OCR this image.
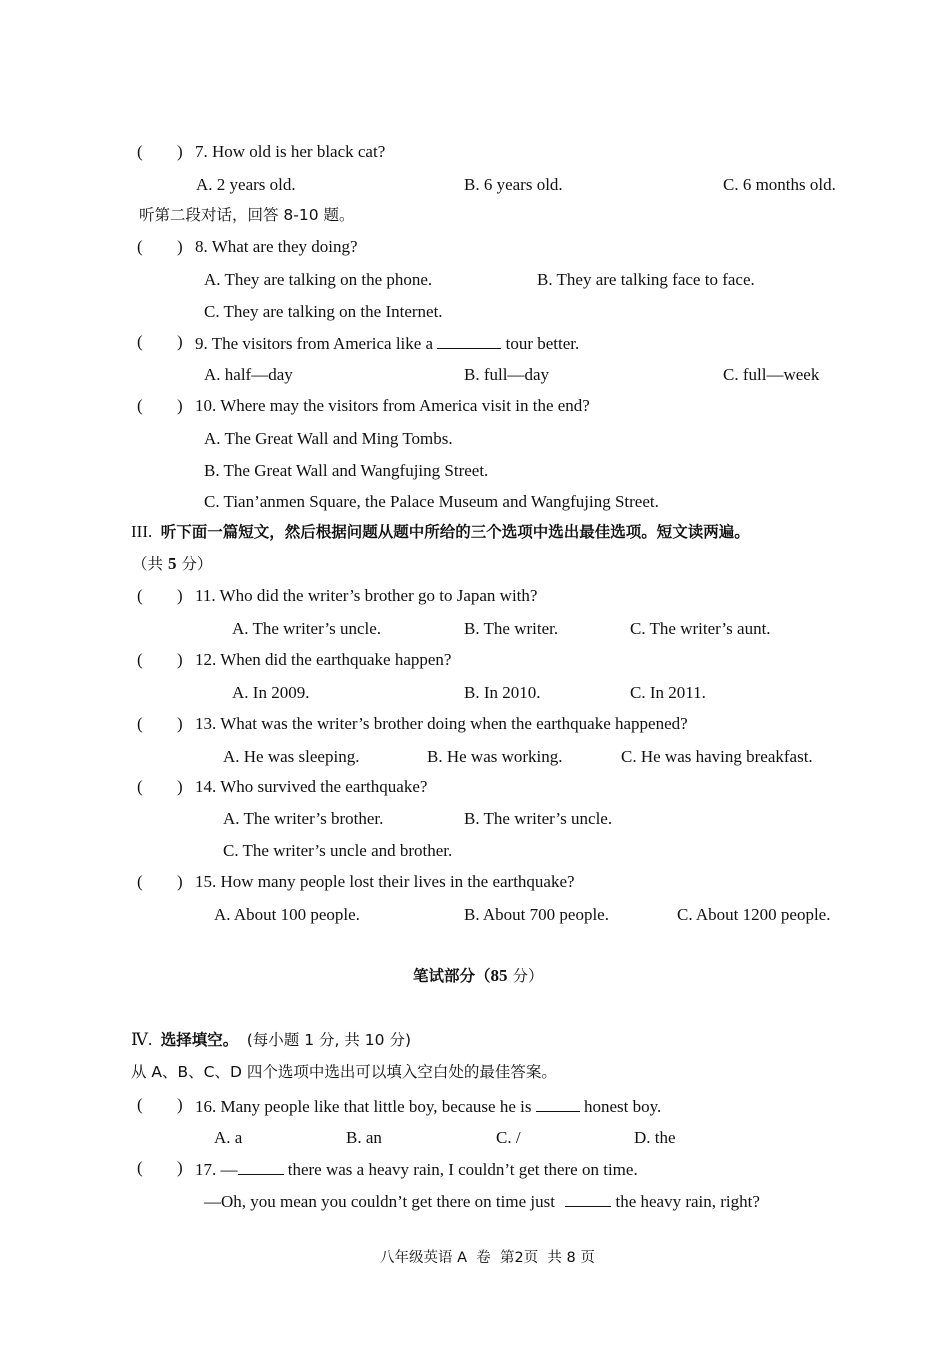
( ) 7. How old is her black cat?
A. 2 years old.	B. 6 years old.	C. 6 months old.
听第二段对话，回答 8-10 题。
( ) 8. What are they doing?
A. They are talking on the phone.	B. They are talking face to face.
C. They are talking on the Internet.
( ) 9. The visitors from America like a	tour better.
A. half—day	B. full—day	C. full—week
( ) 10. Where may the visitors from America visit in the end?
A. The Great Wall and Ming Tombs.
B. The Great Wall and Wangfujing Street.
C. Tian’anmen Square, the Palace Museum and Wangfujing Street.
III. 听下面一篇短文，然后根据问题从题中所给的三个选项中选出最佳选项。短文读两遍。
（共 5 分）
( ) 11. Who did the writer’s brother go to Japan with?
A. The writer’s uncle.	B. The writer.	C. The writer’s aunt.
( ) 12. When did the earthquake happen?
A. In 2009.	B. In 2010.	C. In 2011.
( ) 13. What was the writer’s brother doing when the earthquake happened?
A. He was sleeping.	B. He was working.	C. He was having breakfast.
( ) 14. Who survived the earthquake?
A. The writer’s brother.	B. The writer’s uncle.
C. The writer’s uncle and brother.
( ) 15. How many people lost their lives in the earthquake?
A. About 100 people.	B. About 700 people.	C. About 1200 people.
笔试部分（85 分）
Ⅳ. 选择填空。 (每小题 1 分, 共 10 分)
从 A、B、C、D 四个选项中选出可以填入空白处的最佳答案。
( ) 16. Many people like that little boy, because he is	honest boy.
A. a	B. an	C. /	D. the
( ) 17. —	there was a heavy rain, I couldn’t get there on time.
—Oh, you mean you couldn’t get there on time just	the heavy rain, right?
八年级英语 A  卷  第2页  共 8 页
